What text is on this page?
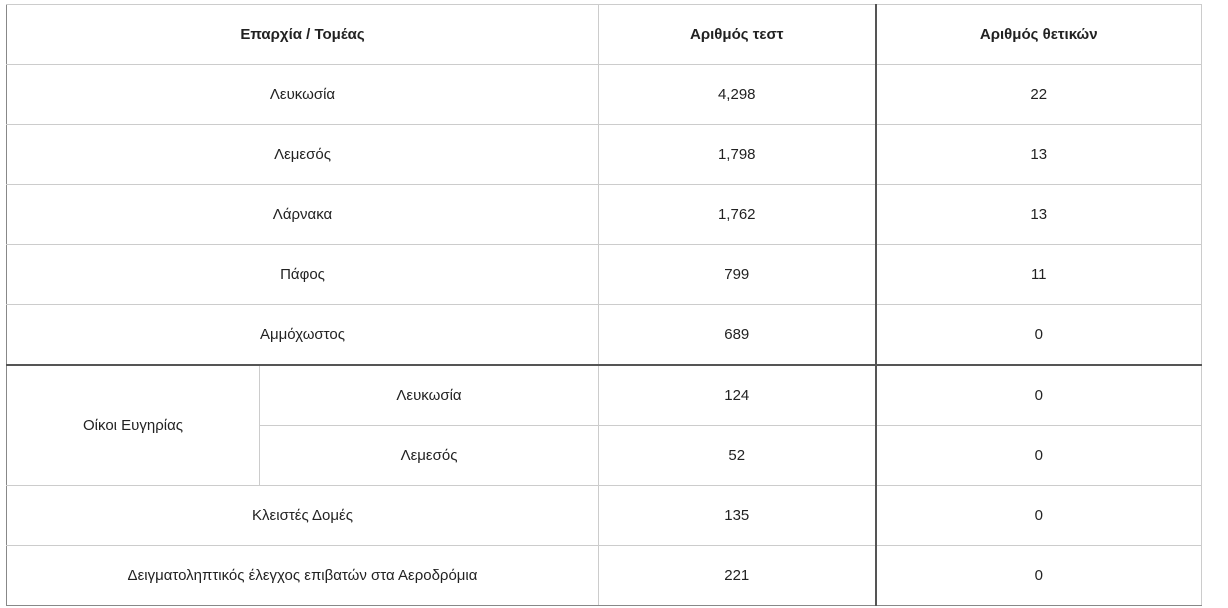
Επαρχία / Τομέας		Αριθμός τεστ	Αριθμός θετικών
Λευκωσία		4,298	22
Λεμεσός		1,798	13
Λάρνακα		1,762	13
Πάφος		799	11
Αμμόχωστος		689	0
Οίκοι Ευγηρίας	Λευκωσία	124	0
	Λεμεσός	52	0
Κλειστές Δομές		135	0
Δειγματοληπτικός έλεγχος επιβατών στα Αεροδρόμια		221	0
